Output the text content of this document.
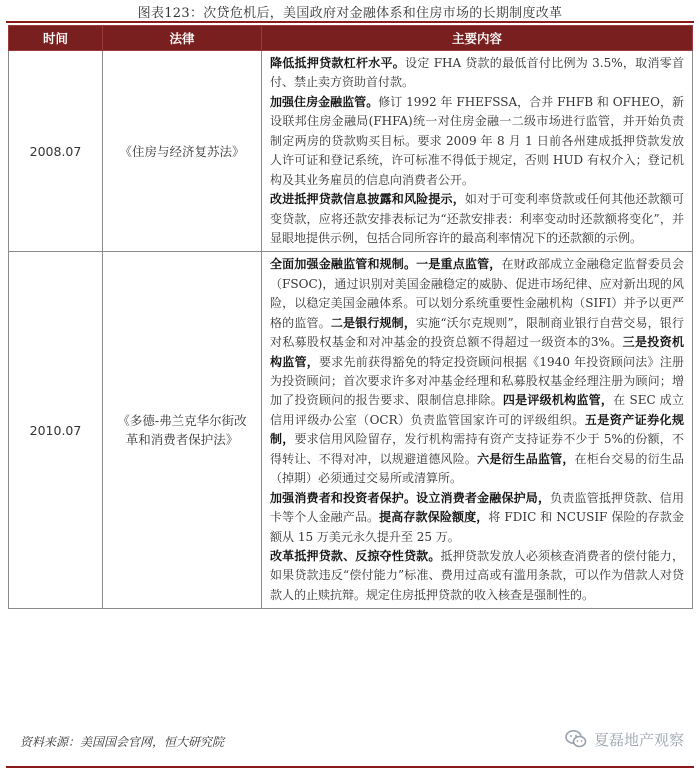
图表123：次贷危机后，美国政府对金融体系和住房市场的长期制度改革
时间	法律	主要内容
2008.07	《住房与经济复苏法》	降低抵押贷款杠杆水平。设定 FHA 贷款的最低首付比例为 3.5%，取消零首付、禁止卖方资助首付款。

加强住房金融监管。修订 1992 年 FHEFSSA，合并 FHFB 和 OFHEO，新设联邦住房金融局(FHFA)统一对住房金融一二级市场进行监管，并开始负责制定两房的贷款购买目标。要求 2009 年 8 月 1 日前各州建成抵押贷款发放人许可证和登记系统，许可标准不得低于规定，否则 HUD 有权介入；登记机构及其业务雇员的信息向消费者公开。

改进抵押贷款信息披露和风险提示，如对于可变利率贷款或任何其他还款额可变贷款，应将还款安排表标记为“还款安排表：利率变动时还款额将变化”，并显眼地提供示例，包括合同所容许的最高利率情况下的还款额的示例。

2010.07	《多德-弗兰克华尔街改革和消费者保护法》	全面加强金融监管和规制。一是重点监管，在财政部成立金融稳定监督委员会（FSOC)，通过识别对美国金融稳定的威胁、促进市场纪律、应对新出现的风险，以稳定美国金融体系。可以划分系统重要性金融机构（SIFI）并予以更严格的监管。二是银行规制，实施“沃尔克规则”，限制商业银行自营交易，银行对私募股权基金和对冲基金的投资总额不得超过一级资本的3%。三是投资机构监管，要求先前获得豁免的特定投资顾问根据《1940 年投资顾问法》注册为投资顾问；首次要求许多对冲基金经理和私募股权基金经理注册为顾问；增加了投资顾问的报告要求、限制信息排除。四是评级机构监管，在 SEC 成立信用评级办公室（OCR）负责监管国家许可的评级组织。五是资产证券化规制，要求信用风险留存，发行机构需持有资产支持证券不少于 5%的份额，不得转让、不得对冲，以规避道德风险。六是衍生品监管，在柜台交易的衍生品（掉期）必须通过交易所或清算所。

加强消费者和投资者保护。设立消费者金融保护局，负责监管抵押贷款、信用卡等个人金融产品。提高存款保险额度，将 FDIC 和 NCUSIF 保险的存款金额从 15 万美元永久提升至 25 万。

改革抵押贷款、反掠夺性贷款。抵押贷款发放人必须核查消费者的偿付能力，如果贷款违反“偿付能力”标准、费用过高或有滥用条款，可以作为借款人对贷款人的止赎抗辩。规定住房抵押贷款的收入核查是强制性的。

资料来源：美国国会官网，恒大研究院	夏磊地产观察
